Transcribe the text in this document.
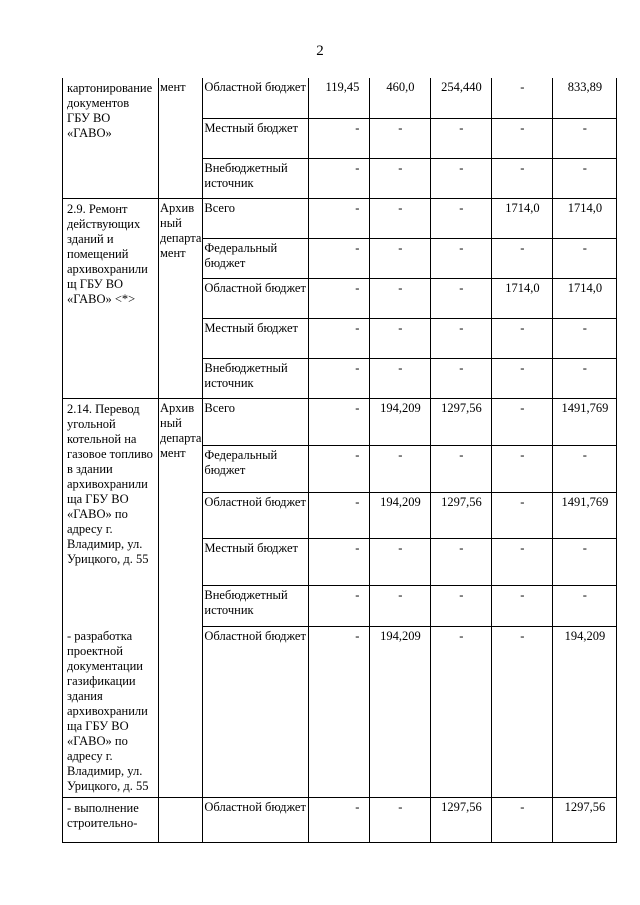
2
картонирование документов ГБУ ВО «ГАВО»	мент	Областной бюджет	119,45	460,0	254,440	-	833,89
		Местный бюджет	-	-	-	-	-
		Внебюджетный источник	-	-	-	-	-
2.9. Ремонт действующих зданий и помещений архивохранили щ ГБУ ВО «ГАВО» <*>	Архив ный департа мент	Всего	-	-	-	1714,0	1714,0
		Федеральный бюджет	-	-	-	-	-
		Областной бюджет	-	-	-	1714,0	1714,0
		Местный бюджет	-	-	-	-	-
		Внебюджетный источник	-	-	-	-	-
2.14. Перевод угольной котельной на газовое топливо в здании архивохранили ща ГБУ ВО «ГАВО» по адресу г. Владимир, ул. Урицкого, д. 55	Архив ный департа мент	Всего	-	194,209	1297,56	-	1491,769
		Федеральный бюджет	-	-	-	-	-
		Областной бюджет	-	194,209	1297,56	-	1491,769
		Местный бюджет	-	-	-	-	-
		Внебюджетный источник	-	-	-	-	-
- разработка проектной документации газификации здания архивохранили ща ГБУ ВО «ГАВО» по адресу г. Владимир, ул. Урицкого, д. 55		Областной бюджет	-	194,209	-	-	194,209
- выполнение строительно-		Областной бюджет	-	-	1297,56	-	1297,56
